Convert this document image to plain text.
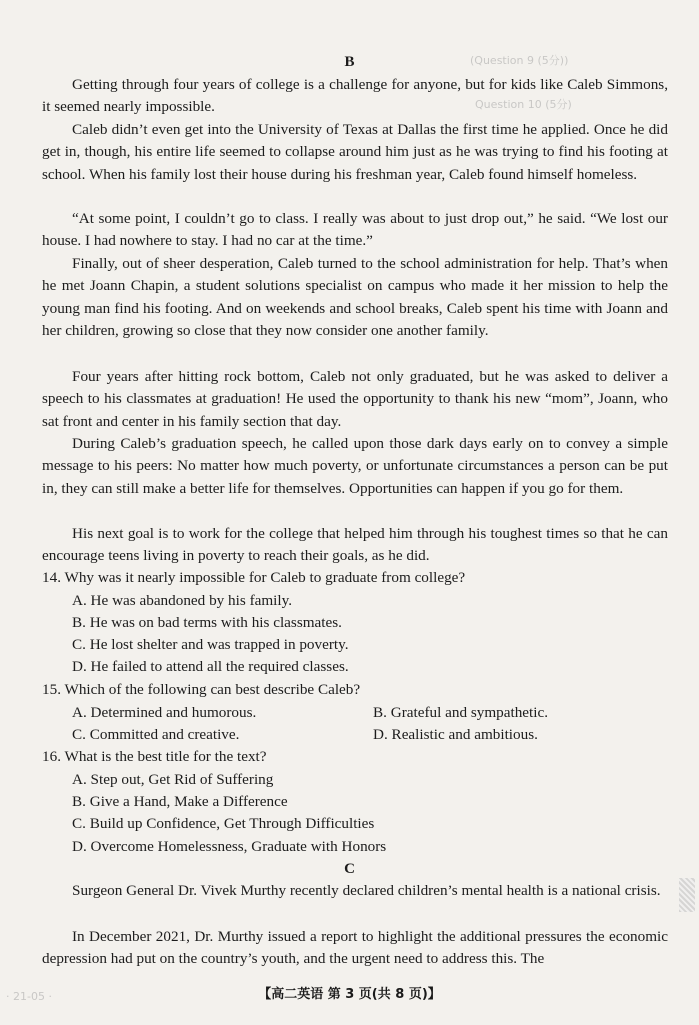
(Question 9 (5分))
Question 10 (5分)
· 21-05 ·
B

Getting through four years of college is a challenge for anyone, but for kids like Caleb Simmons, it seemed nearly impossible.

Caleb didn’t even get into the University of Texas at Dallas the first time he applied. Once he did get in, though, his entire life seemed to collapse around him just as he was trying to find his footing at school. When his family lost their house during his freshman year, Caleb found himself homeless.

“At some point, I couldn’t go to class. I really was about to just drop out,” he said. “We lost our house. I had nowhere to stay. I had no car at the time.”

Finally, out of sheer desperation, Caleb turned to the school administration for help. That’s when he met Joann Chapin, a student solutions specialist on campus who made it her mission to help the young man find his footing. And on weekends and school breaks, Caleb spent his time with Joann and her children, growing so close that they now consider one another family.

Four years after hitting rock bottom, Caleb not only graduated, but he was asked to deliver a speech to his classmates at graduation! He used the opportunity to thank his new “mom”, Joann, who sat front and center in his family section that day.

During Caleb’s graduation speech, he called upon those dark days early on to convey a simple message to his peers: No matter how much poverty, or unfortunate circumstances a person can be put in, they can still make a better life for themselves. Opportunities can happen if you go for them.

His next goal is to work for the college that helped him through his toughest times so that he can encourage teens living in poverty to reach their goals, as he did.

14. Why was it nearly impossible for Caleb to graduate from college?

A. He was abandoned by his family.

B. He was on bad terms with his classmates.

C. He lost shelter and was trapped in poverty.

D. He failed to attend all the required classes.

15. Which of the following can best describe Caleb?

A. Determined and humorous.	B. Grateful and sympathetic.

C. Committed and creative.	D. Realistic and ambitious.

16. What is the best title for the text?

A. Step out, Get Rid of Suffering

B. Give a Hand, Make a Difference

C. Build up Confidence, Get Through Difficulties

D. Overcome Homelessness, Graduate with Honors

C

Surgeon General Dr. Vivek Murthy recently declared children’s mental health is a national crisis.

In December 2021, Dr. Murthy issued a report to highlight the additional pressures the economic depression had put on the country’s youth, and the urgent need to address this. The

【高二英语 第 3 页(共 8 页)】
